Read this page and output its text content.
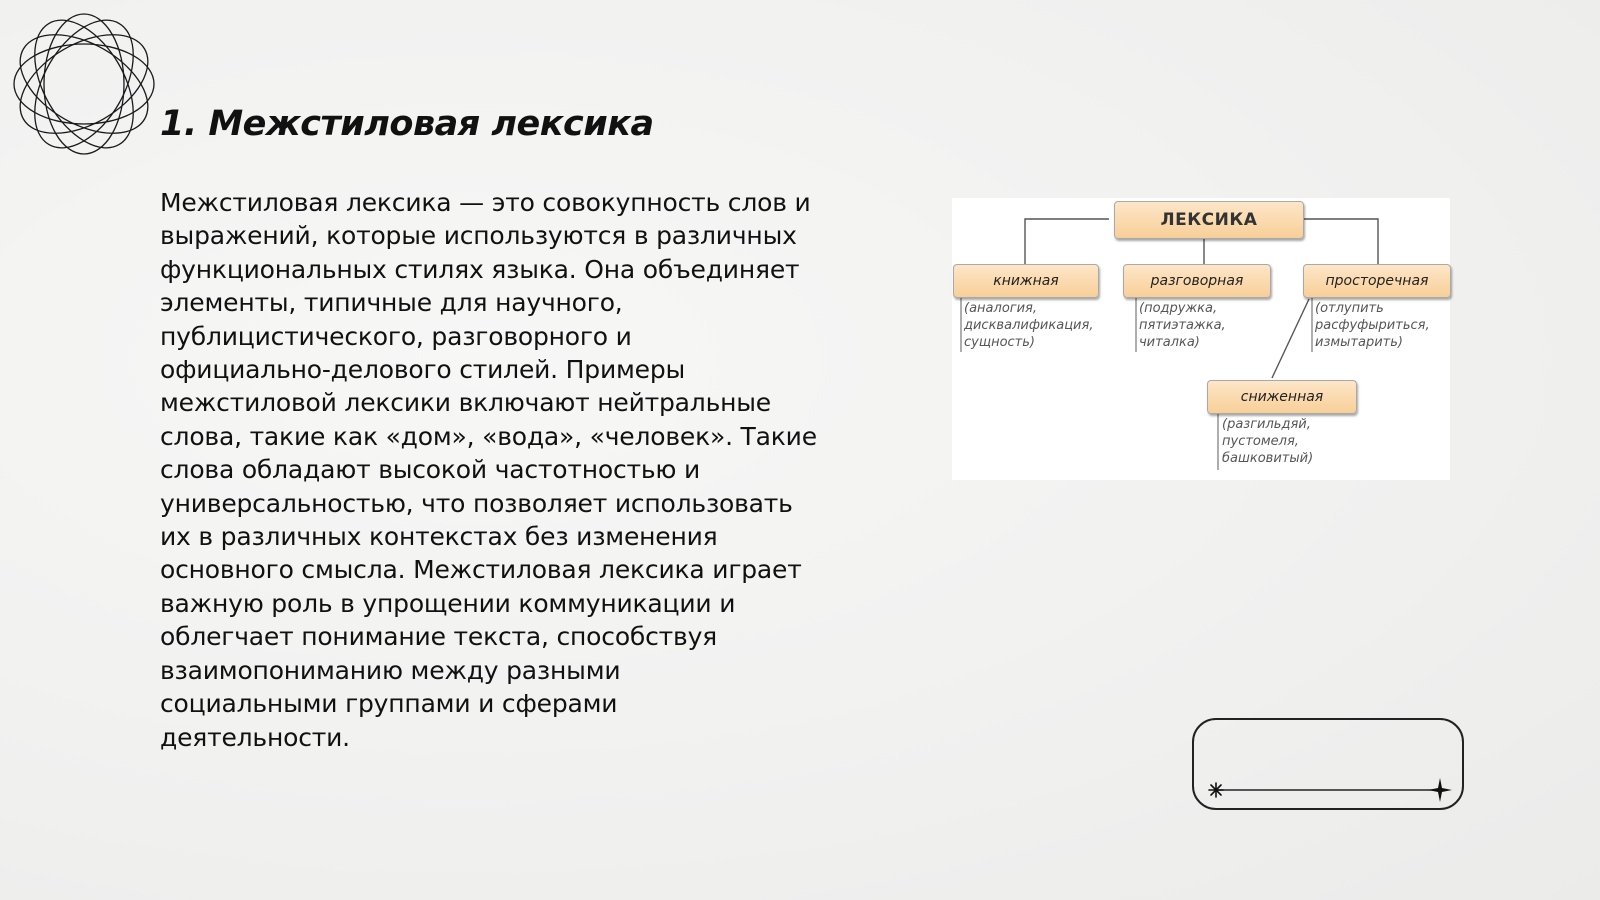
1. Межстиловая лексика

Межстиловая лексика — это совокупность слов и
выражений, которые используются в различных
функциональных стилях языка. Она объединяет
элементы, типичные для научного,
публицистического, разговорного и
официально-делового стилей. Примеры
межстиловой лексики включают нейтральные
слова, такие как «дом», «вода», «человек». Такие
слова обладают высокой частотностью и
универсальностью, что позволяет использовать
их в различных контекстах без изменения
основного смысла. Межстиловая лексика играет
важную роль в упрощении коммуникации и
облегчает понимание текста, способствуя
взаимопониманию между разными
социальными группами и сферами
деятельности.

ЛЕКСИКА
книжная

(аналогия,
дисквалификация,
сущность)

разговорная

(подружка,
пятиэтажка,
читалка)

просторечная

(отлупить
расфуфыриться,
измытарить)

сниженная

(разгильдяй,
пустомеля,
башковитый)
